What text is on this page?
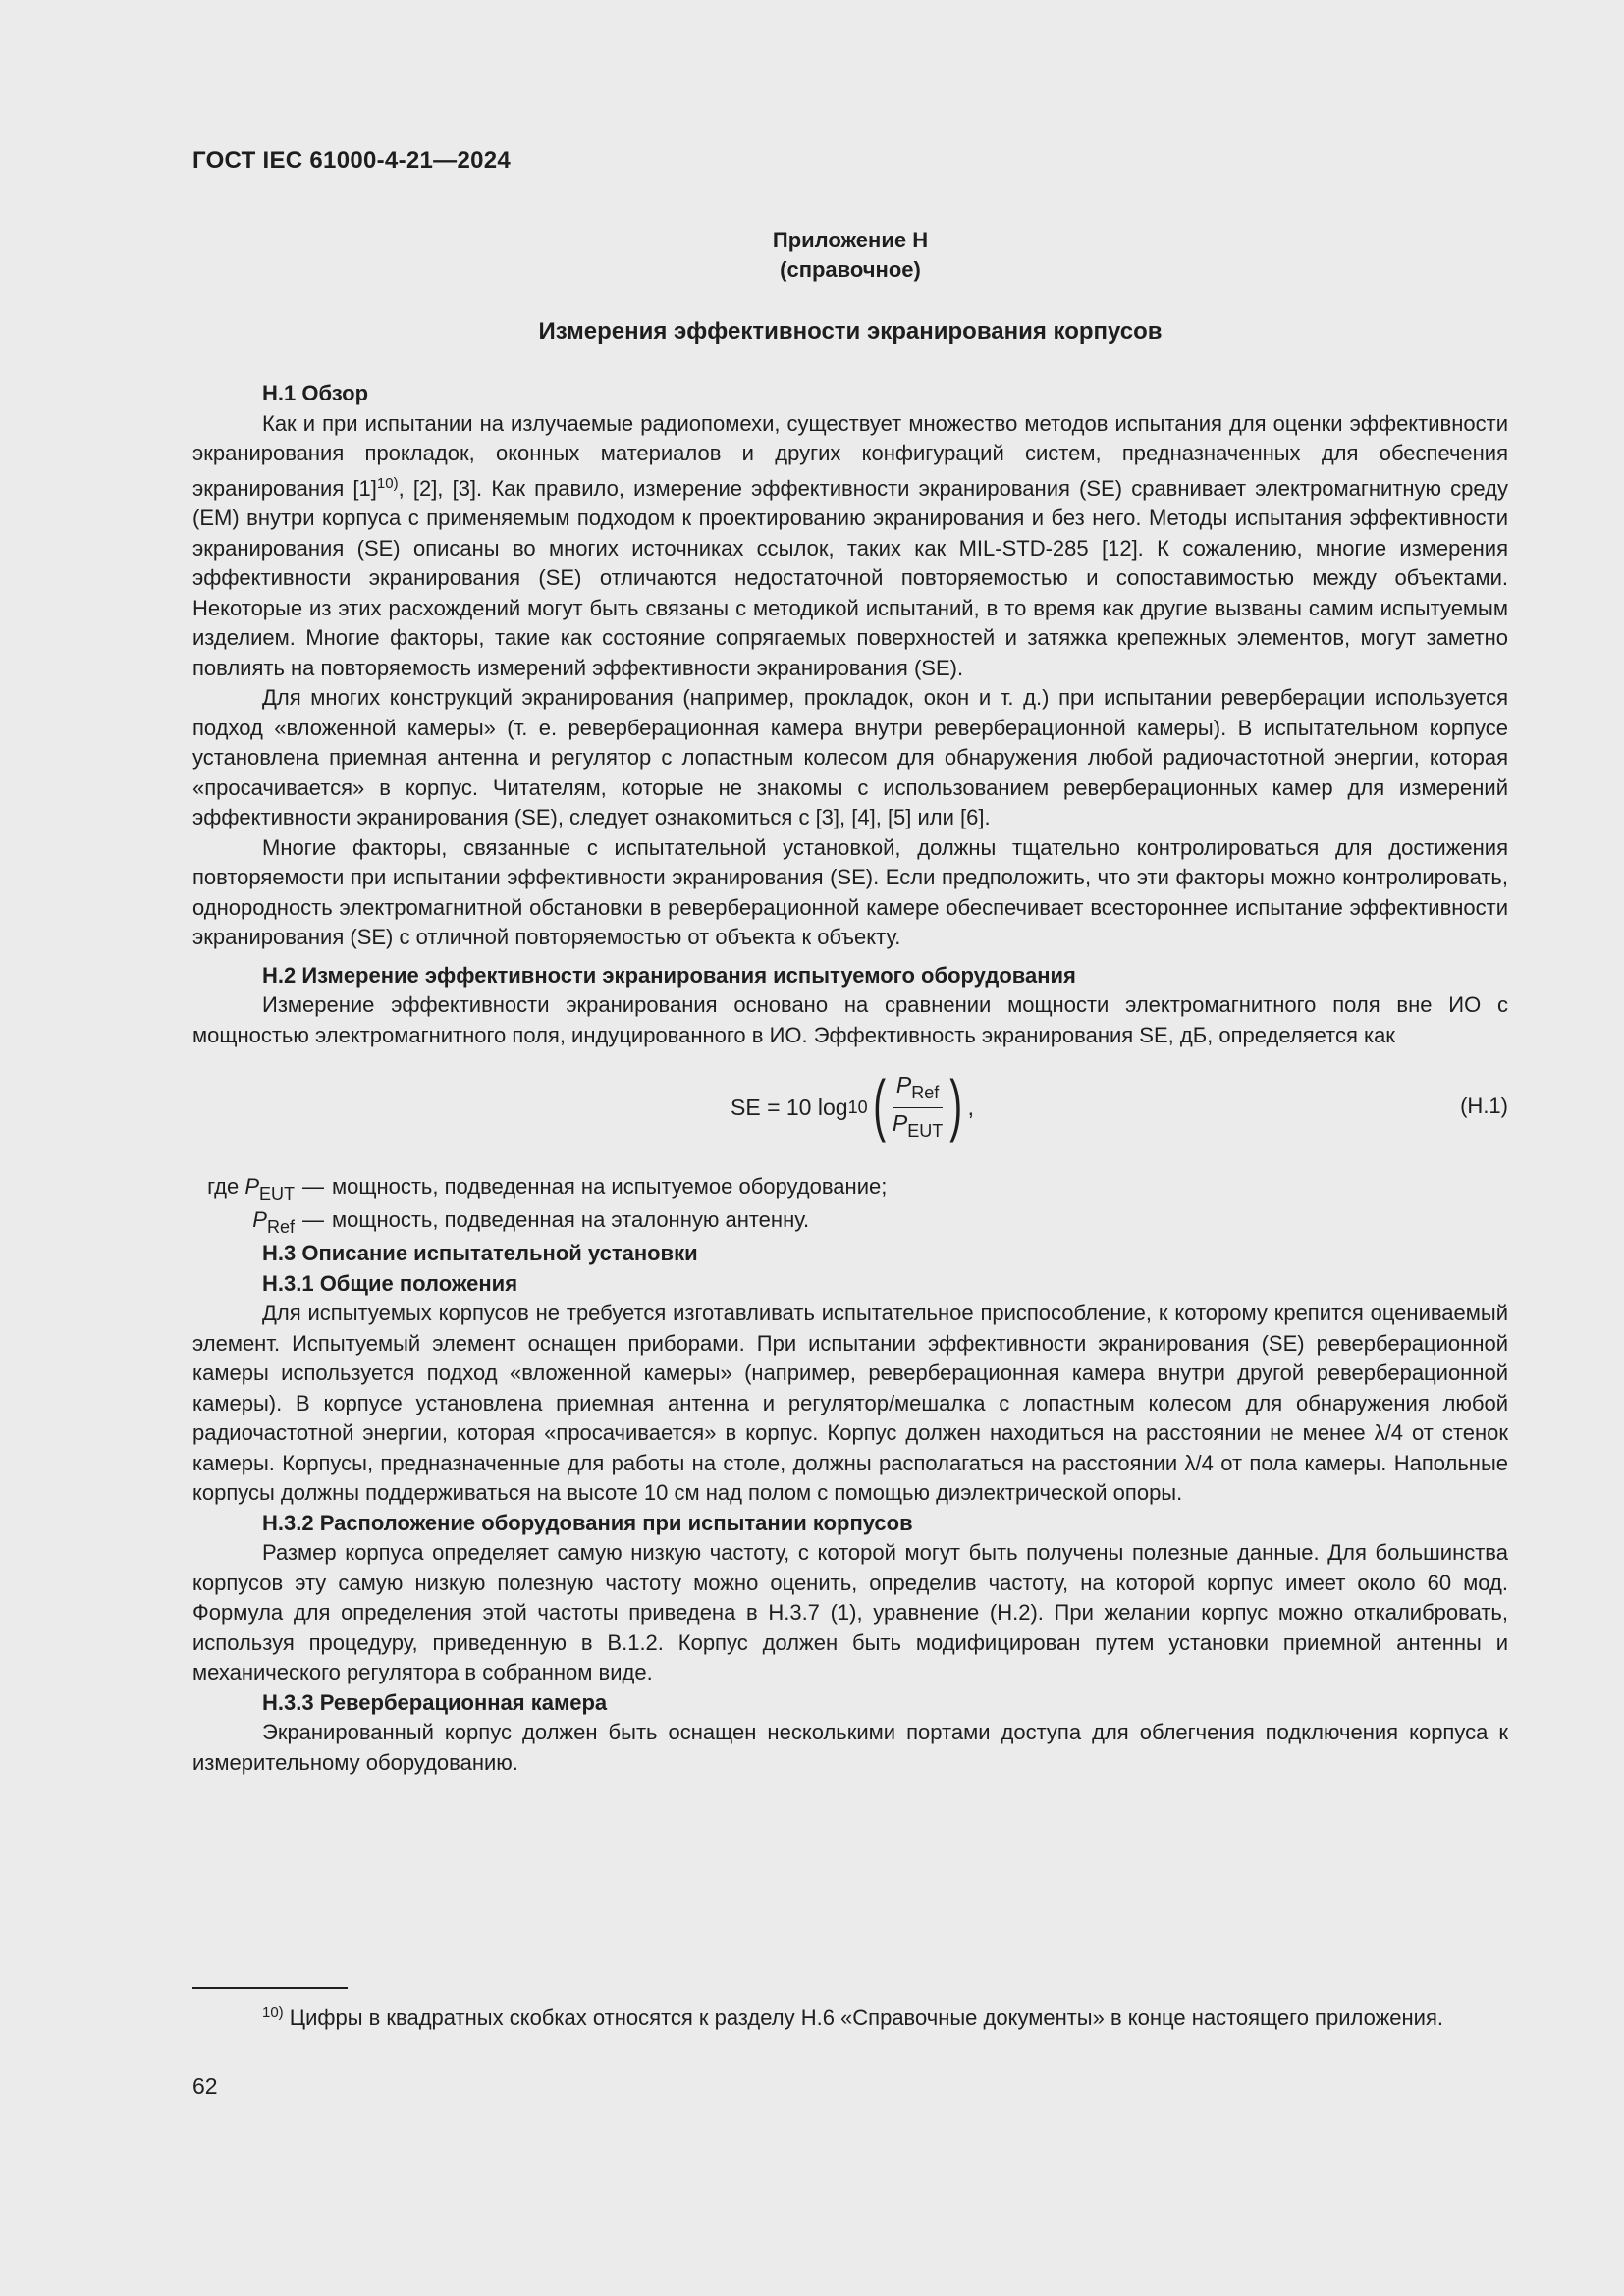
ГОСТ IEC 61000-4-21—2024
Приложение H
(справочное)
Измерения эффективности экранирования корпусов

H.1 Обзор

Как и при испытании на излучаемые радиопомехи, существует множество методов испытания для оценки эффективности экранирования прокладок, оконных материалов и других конфигураций систем, предназначенных для обеспечения экранирования $[1]^{10)}$, [2], [3]. Как правило, измерение эффективности экранирования (SE) сравнивает электромагнитную среду (EM) внутри корпуса с применяемым подходом к проектированию экранирования и без него. Методы испытания эффективности экранирования (SE) описаны во многих источниках ссылок, таких как MIL-STD-285 [12]. К сожалению, многие измерения эффективности экранирования (SE) отличаются недостаточной повторяемостью и сопоставимостью между объектами. Некоторые из этих расхождений могут быть связаны с методикой испытаний, в то время как другие вызваны самим испытуемым изделием. Многие факторы, такие как состояние сопрягаемых поверхностей и затяжка крепежных элементов, могут заметно повлиять на повторяемость измерений эффективности экранирования (SE).

Для многих конструкций экранирования (например, прокладок, окон и т. д.) при испытании реверберации используется подход «вложенной камеры» (т. е. реверберационная камера внутри реверберационной камеры). В испытательном корпусе установлена приемная антенна и регулятор с лопастным колесом для обнаружения любой радиочастотной энергии, которая «просачивается» в корпус. Читателям, которые не знакомы с использованием реверберационных камер для измерений эффективности экранирования (SE), следует ознакомиться с [3], [4], [5] или [6].

Многие факторы, связанные с испытательной установкой, должны тщательно контролироваться для достижения повторяемости при испытании эффективности экранирования (SE). Если предположить, что эти факторы можно контролировать, однородность электромагнитной обстановки в реверберационной камере обеспечивает всестороннее испытание эффективности экранирования (SE) с отличной повторяемостью от объекта к объекту.

H.2 Измерение эффективности экранирования испытуемого оборудования

Измерение эффективности экранирования основано на сравнении мощности электромагнитного поля вне ИО с мощностью электромагнитного поля, индуцированного в ИО. Эффективность экранирования SE, дБ, определяется как

SE = 10 log 10 ( $\frac{P_{Ref}}{P_{EUT}}$ ) ,	(H.1)
где $P_{EUT}$ — мощность, подведенная на испытуемое оборудование;
$P_{Ref}$ — мощность, подведенная на эталонную антенну.

H.3 Описание испытательной установки

H.3.1 Общие положения

Для испытуемых корпусов не требуется изготавливать испытательное приспособление, к которому крепится оцениваемый элемент. Испытуемый элемент оснащен приборами. При испытании эффективности экранирования (SE) реверберационной камеры используется подход «вложенной камеры» (например, реверберационная камера внутри другой реверберационной камеры). В корпусе установлена приемная антенна и регулятор/мешалка с лопастным колесом для обнаружения любой радиочастотной энергии, которая «просачивается» в корпус. Корпус должен находиться на расстоянии не менее λ/4 от стенок камеры. Корпусы, предназначенные для работы на столе, должны располагаться на расстоянии λ/4 от пола камеры. Напольные корпусы должны поддерживаться на высоте 10 см над полом с помощью диэлектрической опоры.

H.3.2 Расположение оборудования при испытании корпусов

Размер корпуса определяет самую низкую частоту, с которой могут быть получены полезные данные. Для большинства корпусов эту самую низкую полезную частоту можно оценить, определив частоту, на которой корпус имеет около 60 мод. Формула для определения этой частоты приведена в H.3.7 (1), уравнение (H.2). При желании корпус можно откалибровать, используя процедуру, приведенную в B.1.2. Корпус должен быть модифицирован путем установки приемной антенны и механического регулятора в собранном виде.

H.3.3 Реверберационная камера

Экранированный корпус должен быть оснащен несколькими портами доступа для облегчения подключения корпуса к измерительному оборудованию.

$^{10)}$ Цифры в квадратных скобках относятся к разделу H.6 «Справочные документы» в конце настоящего приложения.
62
